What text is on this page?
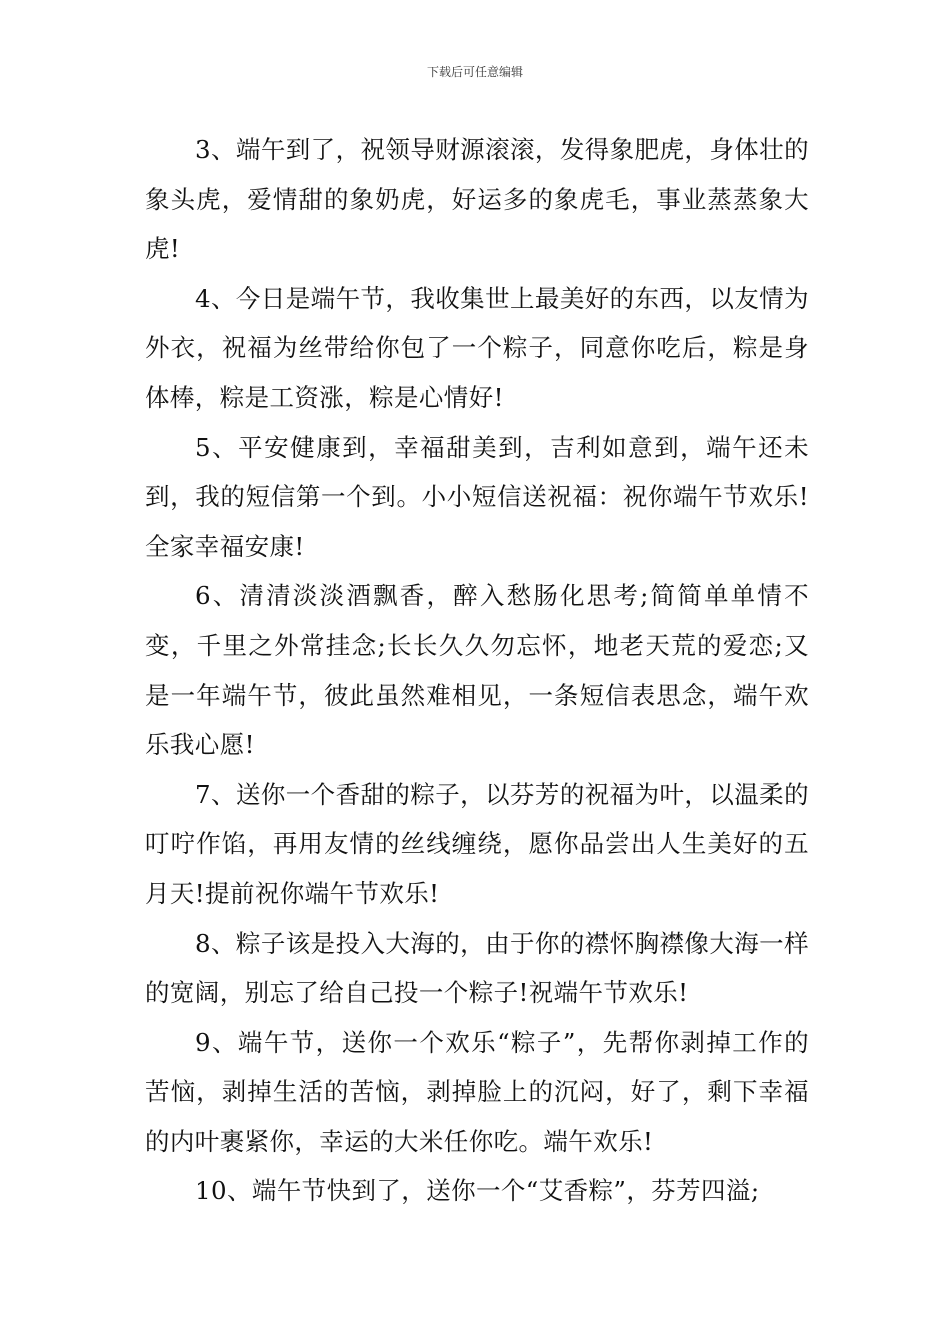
下载后可任意编辑

3、端午到了，祝领导财源滚滚，发得象肥虎，身体壮的象头虎，爱情甜的象奶虎，好运多的象虎毛，事业蒸蒸象大虎!

4、今日是端午节，我收集世上最美好的东西，以友情为外衣，祝福为丝带给你包了一个粽子，同意你吃后，粽是身体棒，粽是工资涨，粽是心情好!

5、平安健康到，幸福甜美到，吉利如意到，端午还未到，我的短信第一个到。小小短信送祝福：祝你端午节欢乐!全家幸福安康!

6、清清淡淡酒飘香，醉入愁肠化思考;简简单单情不变，千里之外常挂念;长长久久勿忘怀，地老天荒的爱恋;又是一年端午节，彼此虽然难相见，一条短信表思念，端午欢乐我心愿!

7、送你一个香甜的粽子，以芬芳的祝福为叶，以温柔的叮咛作馅，再用友情的丝线缠绕，愿你品尝出人生美好的五月天!提前祝你端午节欢乐!

8、粽子该是投入大海的，由于你的襟怀胸襟像大海一样的宽阔，别忘了给自己投一个粽子!祝端午节欢乐!

9、端午节，送你一个欢乐“粽子”，先帮你剥掉工作的苦恼，剥掉生活的苦恼，剥掉脸上的沉闷，好了，剩下幸福的内叶裹紧你，幸运的大米任你吃。端午欢乐!

10、端午节快到了，送你一个“艾香粽”，芬芳四溢;
